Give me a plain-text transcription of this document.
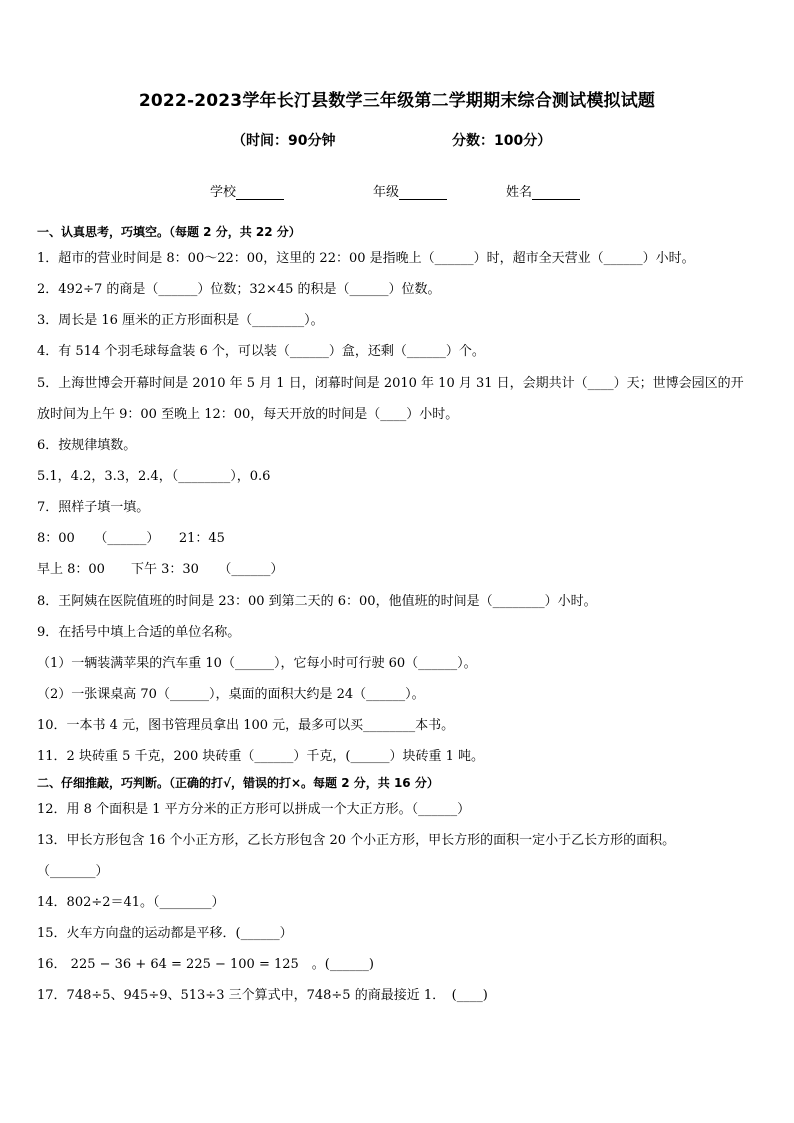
2022-2023学年长汀县数学三年级第二学期期末综合测试模拟试题
（时间：90分钟	分数：100分）
学校	年级	姓名
一、认真思考，巧填空。（每题 2 分，共 22 分）
1．超市的营业时间是 8：00～22：00，这里的 22：00 是指晚上（______）时，超市全天营业（______）小时。
2．492÷7 的商是（______）位数；32×45 的积是（______）位数。
3．周长是 16 厘米的正方形面积是（________）。
4．有 514 个羽毛球每盒装 6 个，可以装（______）盒，还剩（______）个。
5．上海世博会开幕时间是 2010 年 5 月 1 日，闭幕时间是 2010 年 10 月 31 日，会期共计（____）天；世博会园区的开
放时间为上午 9：00 至晚上 12：00，每天开放的时间是（____）小时。
6．按规律填数。
5.1，4.2，3.3，2.4，（________），0.6
7．照样子填一填。
8：00　　（______）　　21：45
早上 8：00　　下午 3：30　　（______）
8．王阿姨在医院值班的时间是 23：00 到第二天的 6：00，他值班的时间是（________）小时。
9．在括号中填上合适的单位名称。
（1）一辆装满苹果的汽车重 10（______），它每小时可行驶 60（______）。
（2）一张课桌高 70（______），桌面的面积大约是 24（______）。
10．一本书 4 元，图书管理员拿出 100 元，最多可以买________本书。
11．2 块砖重 5 千克，200 块砖重（______）千克，(______）块砖重 1 吨。
二、仔细推敲，巧判断。（正确的打√，错误的打×。每题 2 分，共 16 分）
12．用 8 个面积是 1 平方分米的正方形可以拼成一个大正方形。（______）
13．甲长方形包含 16 个小正方形，乙长方形包含 20 个小正方形，甲长方形的面积一定小于乙长方形的面积。
（_______）
14．802÷2＝41。（________）
15．火车方向盘的运动都是平移．(______）
16． 225 − 36 + 64 = 225 − 100 = 125　。(______)
17．748÷5、945÷9、513÷3 三个算式中，748÷5 的商最接近 1．　(____)
